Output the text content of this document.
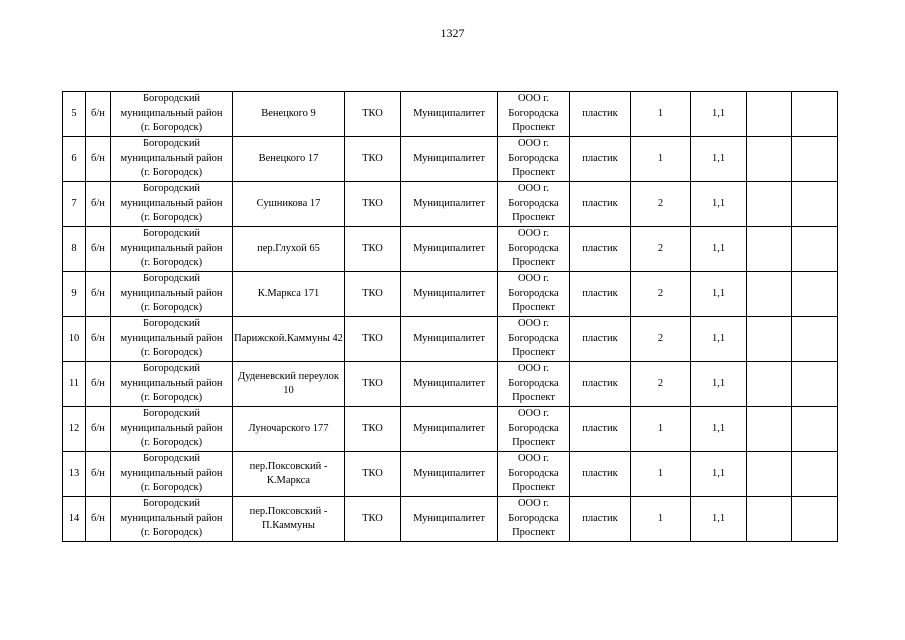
1327
5	б/н	Богородский
муниципальный район
(г. Богородск)	Венецкого 9	ТКО	Муниципалитет	ООО г.
Богородска
Проспект	пластик	1	1,1		
6	б/н	Богородский
муниципальный район
(г. Богородск)	Венецкого 17	ТКО	Муниципалитет	ООО г.
Богородска
Проспект	пластик	1	1,1		
7	б/н	Богородский
муниципальный район
(г. Богородск)	Сушникова 17	ТКО	Муниципалитет	ООО г.
Богородска
Проспект	пластик	2	1,1		
8	б/н	Богородский
муниципальный район
(г. Богородск)	пер.Глухой 65	ТКО	Муниципалитет	ООО г.
Богородска
Проспект	пластик	2	1,1		
9	б/н	Богородский
муниципальный район
(г. Богородск)	К.Маркса 171	ТКО	Муниципалитет	ООО г.
Богородска
Проспект	пластик	2	1,1		
10	б/н	Богородский
муниципальный район
(г. Богородск)	Парижской.Каммуны 42	ТКО	Муниципалитет	ООО г.
Богородска
Проспект	пластик	2	1,1		
11	б/н	Богородский
муниципальный район
(г. Богородск)	Дуденевский переулок 10	ТКО	Муниципалитет	ООО г.
Богородска
Проспект	пластик	2	1,1		
12	б/н	Богородский
муниципальный район
(г. Богородск)	Луночарского 177	ТКО	Муниципалитет	ООО г.
Богородска
Проспект	пластик	1	1,1		
13	б/н	Богородский
муниципальный район
(г. Богородск)	пер.Поксовский - К.Маркса	ТКО	Муниципалитет	ООО г.
Богородска
Проспект	пластик	1	1,1		
14	б/н	Богородский
муниципальный район
(г. Богородск)	пер.Поксовский - П.Каммуны	ТКО	Муниципалитет	ООО г.
Богородска
Проспект	пластик	1	1,1		
